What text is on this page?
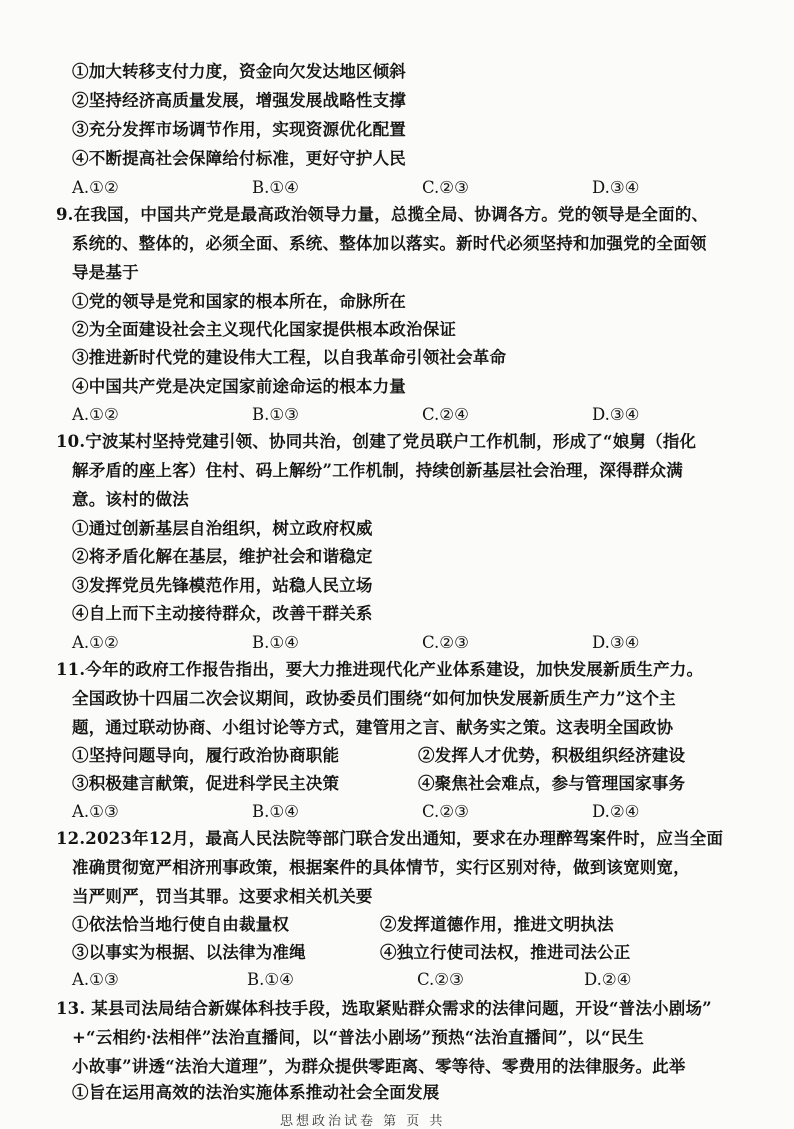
①加大转移支付力度，资金向欠发达地区倾斜
②坚持经济高质量发展，增强发展战略性支撑
③充分发挥市场调节作用，实现资源优化配置
④不断提高社会保障给付标准，更好守护人民
A.①②	B.①④	C.②③	D.③④
9.在我国，中国共产党是最高政治领导力量，总揽全局、协调各方。党的领导是全面的、
系统的、整体的，必须全面、系统、整体加以落实。新时代必须坚持和加强党的全面领
导是基于
①党的领导是党和国家的根本所在，命脉所在
②为全面建设社会主义现代化国家提供根本政治保证
③推进新时代党的建设伟大工程，以自我革命引领社会革命
④中国共产党是决定国家前途命运的根本力量
A.①②	B.①③	C.②④	D.③④
10.宁波某村坚持党建引领、协同共治，创建了党员联户工作机制，形成了“娘舅（指化
解矛盾的座上客）住村、码上解纷”工作机制，持续创新基层社会治理，深得群众满
意。该村的做法
①通过创新基层自治组织，树立政府权威
②将矛盾化解在基层，维护社会和谐稳定
③发挥党员先锋模范作用，站稳人民立场
④自上而下主动接待群众，改善干群关系
A.①②	B.①④	C.②③	D.③④
11.今年的政府工作报告指出，要大力推进现代化产业体系建设，加快发展新质生产力。
全国政协十四届二次会议期间，政协委员们围绕“如何加快发展新质生产力”这个主
题，通过联动协商、小组讨论等方式，建管用之言、献务实之策。这表明全国政协
①坚持问题导向，履行政治协商职能	②发挥人才优势，积极组织经济建设
③积极建言献策，促进科学民主决策	④聚焦社会难点，参与管理国家事务
A.①③	B.①④	C.②③	D.②④
12.2023年12月，最高人民法院等部门联合发出通知，要求在办理醉驾案件时，应当全面
准确贯彻宽严相济刑事政策，根据案件的具体情节，实行区别对待，做到该宽则宽，
当严则严，罚当其罪。这要求相关机关要
①依法恰当地行使自由裁量权	②发挥道德作用，推进文明执法
③以事实为根据、以法律为准绳	④独立行使司法权，推进司法公正
A.①③	B.①④	C.②③	D.②④
13. 某县司法局结合新媒体科技手段，选取紧贴群众需求的法律问题，开设“普法小剧场”
+“云相约·法相伴”法治直播间，以“普法小剧场”预热“法治直播间”，以“民生
小故事”讲透“法治大道理”，为群众提供零距离、零等待、零费用的法律服务。此举
①旨在运用高效的法治实施体系推动社会全面发展
思想政治试卷 第 页 共
